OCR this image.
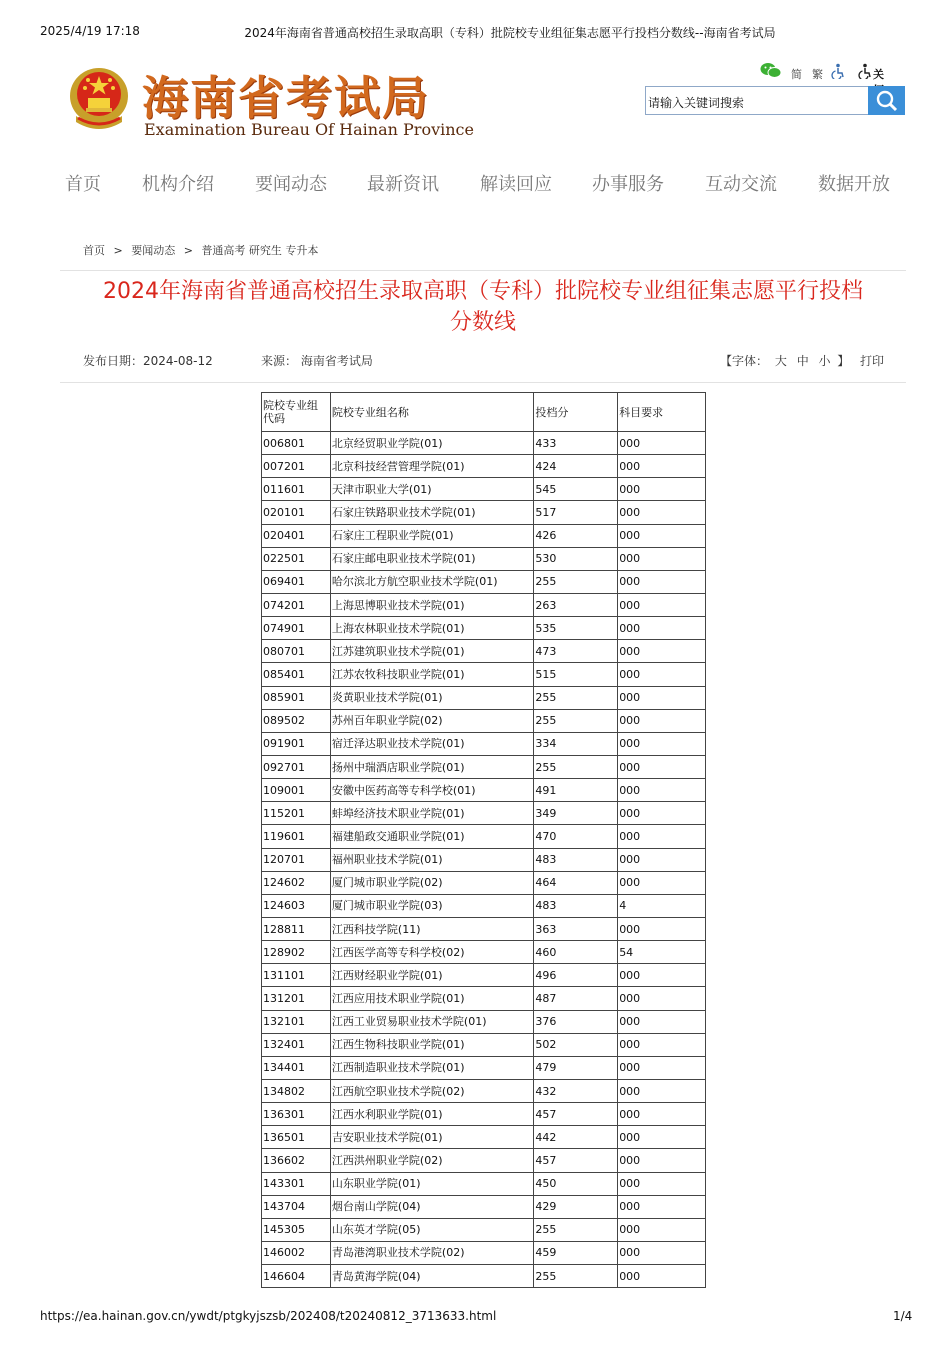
2025/4/19 17:18	2024年海南省普通高校招生录取高职（专科）批院校专业组征集志愿平行投档分数线--海南省考试局
海南省考试局
Examination Bureau Of Hainan Province
简 繁	关
请输入关键词搜索
首页 机构介绍 要闻动态 最新资讯 解读回应 办事服务 互动交流 数据开放
首页 > 要闻动态 > 普通高考 研究生 专升本
2024年海南省普通高校招生录取高职（专科）批院校专业组征集志愿平行投档
分数线
发布日期：2024-08-12	来源： 海南省考试局	【字体： 大 中 小 】 打印
院校专业组代码	院校专业组名称	投档分	科目要求
006801	北京经贸职业学院(01)	433	000
007201	北京科技经营管理学院(01)	424	000
011601	天津市职业大学(01)	545	000
020101	石家庄铁路职业技术学院(01)	517	000
020401	石家庄工程职业学院(01)	426	000
022501	石家庄邮电职业技术学院(01)	530	000
069401	哈尔滨北方航空职业技术学院(01)	255	000
074201	上海思博职业技术学院(01)	263	000
074901	上海农林职业技术学院(01)	535	000
080701	江苏建筑职业技术学院(01)	473	000
085401	江苏农牧科技职业学院(01)	515	000
085901	炎黄职业技术学院(01)	255	000
089502	苏州百年职业学院(02)	255	000
091901	宿迁泽达职业技术学院(01)	334	000
092701	扬州中瑞酒店职业学院(01)	255	000
109001	安徽中医药高等专科学校(01)	491	000
115201	蚌埠经济技术职业学院(01)	349	000
119601	福建船政交通职业学院(01)	470	000
120701	福州职业技术学院(01)	483	000
124602	厦门城市职业学院(02)	464	000
124603	厦门城市职业学院(03)	483	4
128811	江西科技学院(11)	363	000
128902	江西医学高等专科学校(02)	460	54
131101	江西财经职业学院(01)	496	000
131201	江西应用技术职业学院(01)	487	000
132101	江西工业贸易职业技术学院(01)	376	000
132401	江西生物科技职业学院(01)	502	000
134401	江西制造职业技术学院(01)	479	000
134802	江西航空职业技术学院(02)	432	000
136301	江西水利职业学院(01)	457	000
136501	吉安职业技术学院(01)	442	000
136602	江西洪州职业学院(02)	457	000
143301	山东职业学院(01)	450	000
143704	烟台南山学院(04)	429	000
145305	山东英才学院(05)	255	000
146002	青岛港湾职业技术学院(02)	459	000
146604	青岛黄海学院(04)	255	000
https://ea.hainan.gov.cn/ywdt/ptgkyjszsb/202408/t20240812_3713633.html	1/4
